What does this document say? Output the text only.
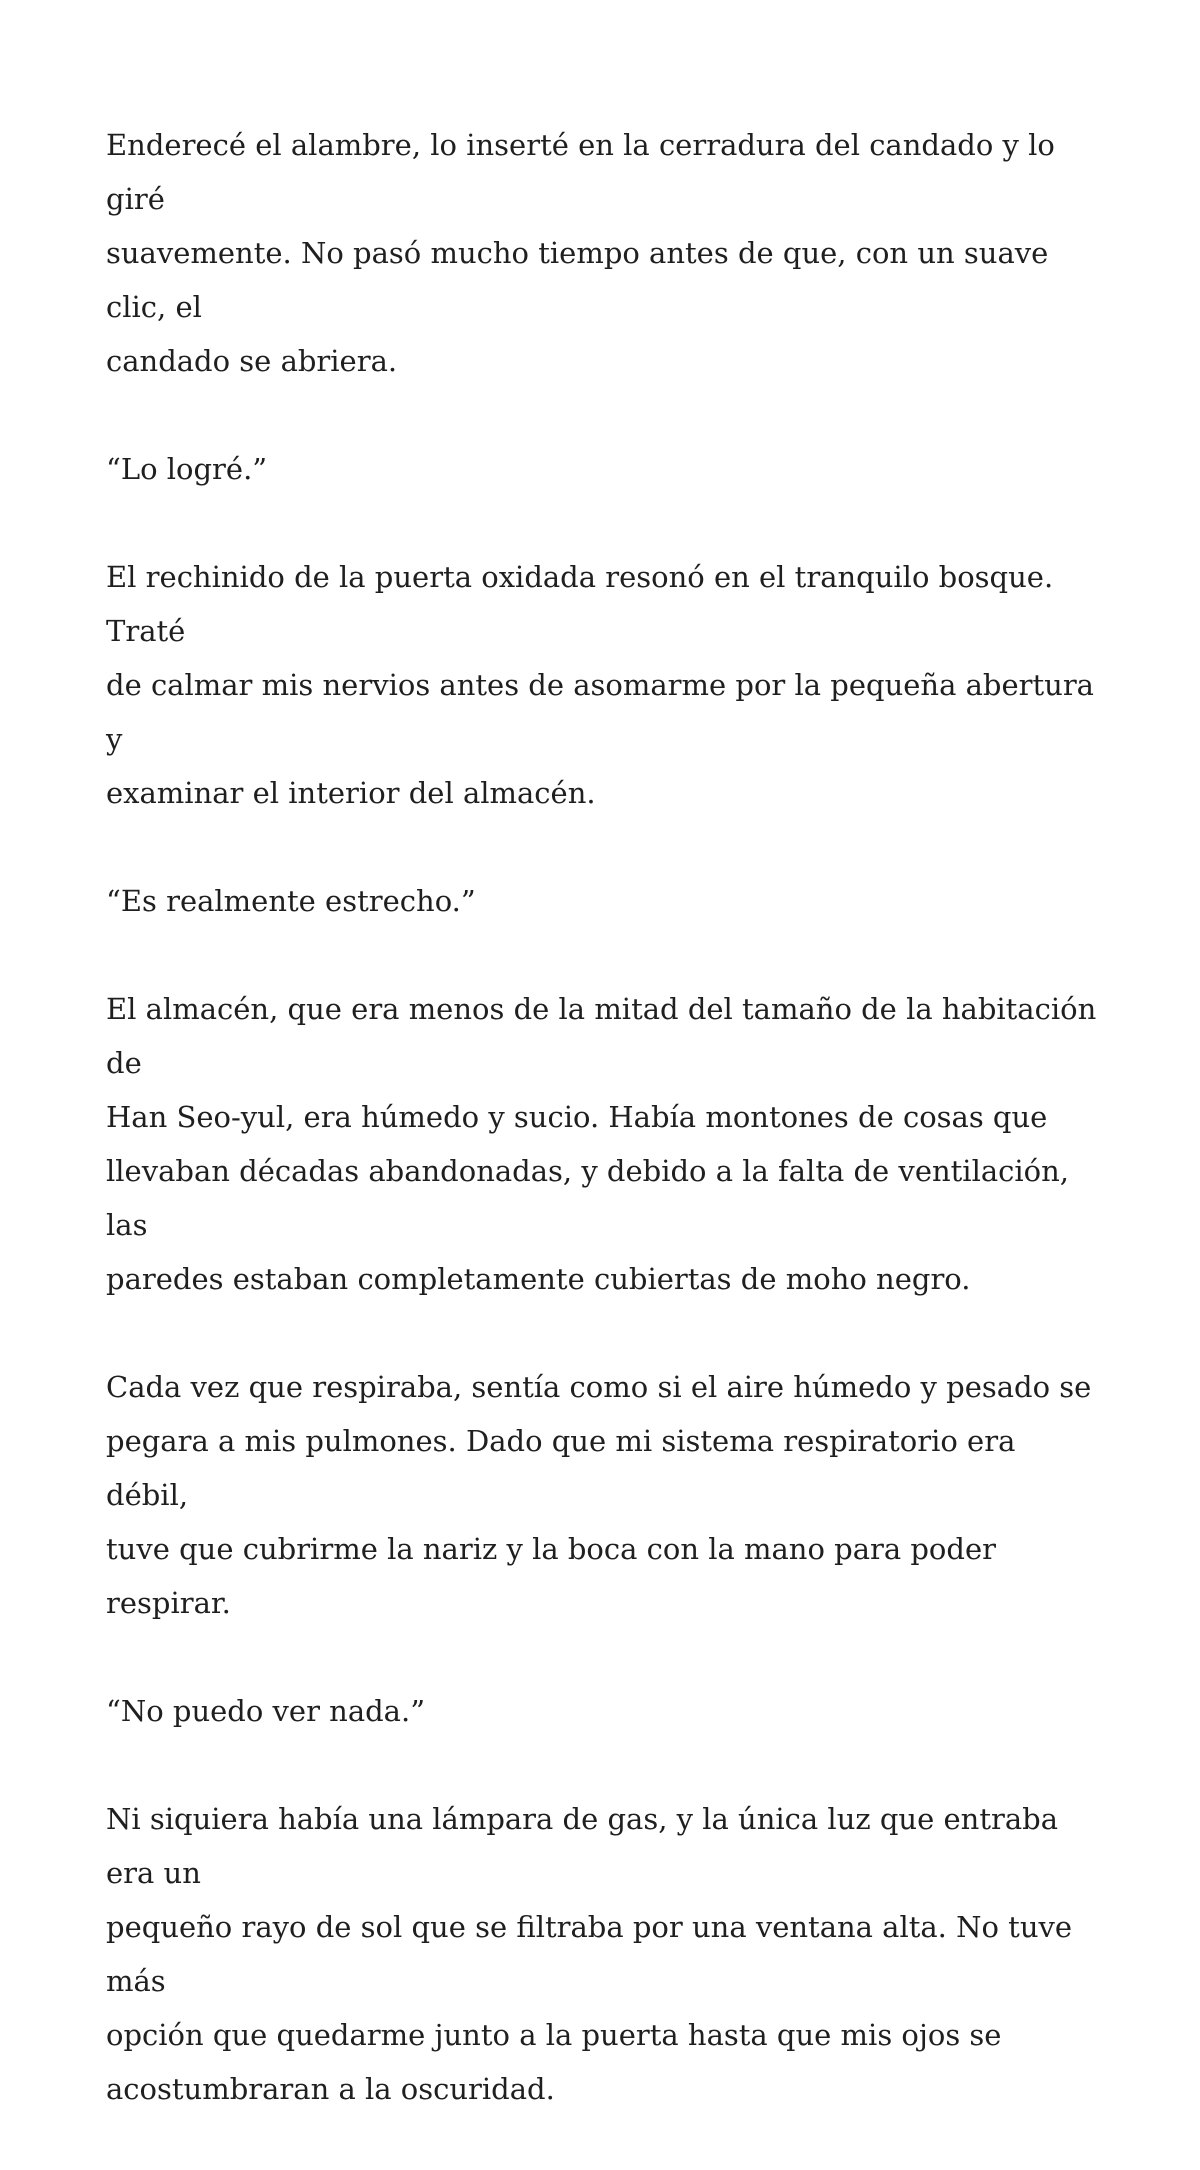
Enderecé el alambre, lo inserté en la cerradura del candado y lo giré
suavemente. No pasó mucho tiempo antes de que, con un suave clic, el
candado se abriera.

“Lo logré.”

El rechinido de la puerta oxidada resonó en el tranquilo bosque. Traté
de calmar mis nervios antes de asomarme por la pequeña abertura y
examinar el interior del almacén.

“Es realmente estrecho.”

El almacén, que era menos de la mitad del tamaño de la habitación de
Han Seo-yul, era húmedo y sucio. Había montones de cosas que
llevaban décadas abandonadas, y debido a la falta de ventilación, las
paredes estaban completamente cubiertas de moho negro.

Cada vez que respiraba, sentía como si el aire húmedo y pesado se
pegara a mis pulmones. Dado que mi sistema respiratorio era débil,
tuve que cubrirme la nariz y la boca con la mano para poder respirar.

“No puedo ver nada.”

Ni siquiera había una lámpara de gas, y la única luz que entraba era un
pequeño rayo de sol que se filtraba por una ventana alta. No tuve más
opción que quedarme junto a la puerta hasta que mis ojos se
acostumbraran a la oscuridad.
